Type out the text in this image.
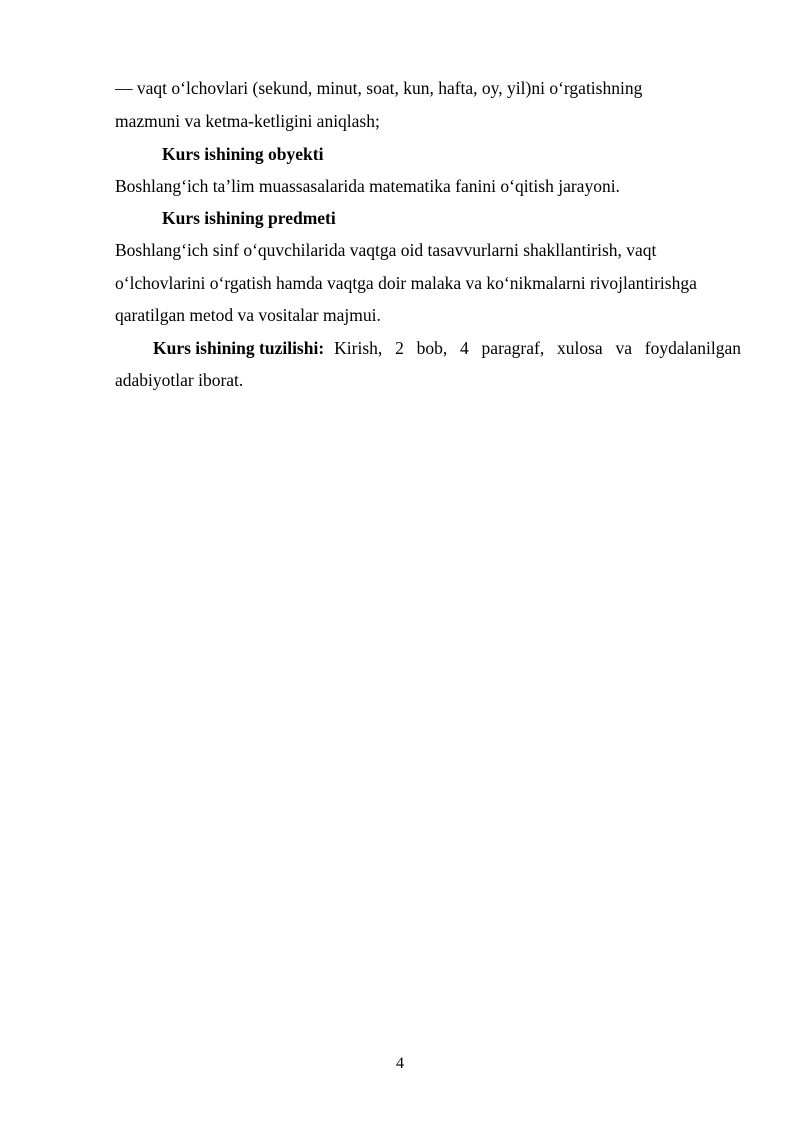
— vaqt o‘lchovlari (sekund, minut, soat, kun, hafta, oy, yil)ni o‘rgatishning
mazmuni va ketma-ketligini aniqlash;
Kurs ishining obyekti
Boshlang‘ich ta’lim muassasalarida matematika fanini o‘qitish jarayoni.
Kurs ishining predmeti
Boshlang‘ich sinf o‘quvchilarida vaqtga oid tasavvurlarni shakllantirish, vaqt
o‘lchovlarini o‘rgatish hamda vaqtga doir malaka va ko‘nikmalarni rivojlantirishga
qaratilgan metod va vositalar majmui.
Kurs ishining tuzilishi: Kirish, 2 bob, 4 paragraf, xulosa va foydalanilgan
adabiyotlar iborat.
4
